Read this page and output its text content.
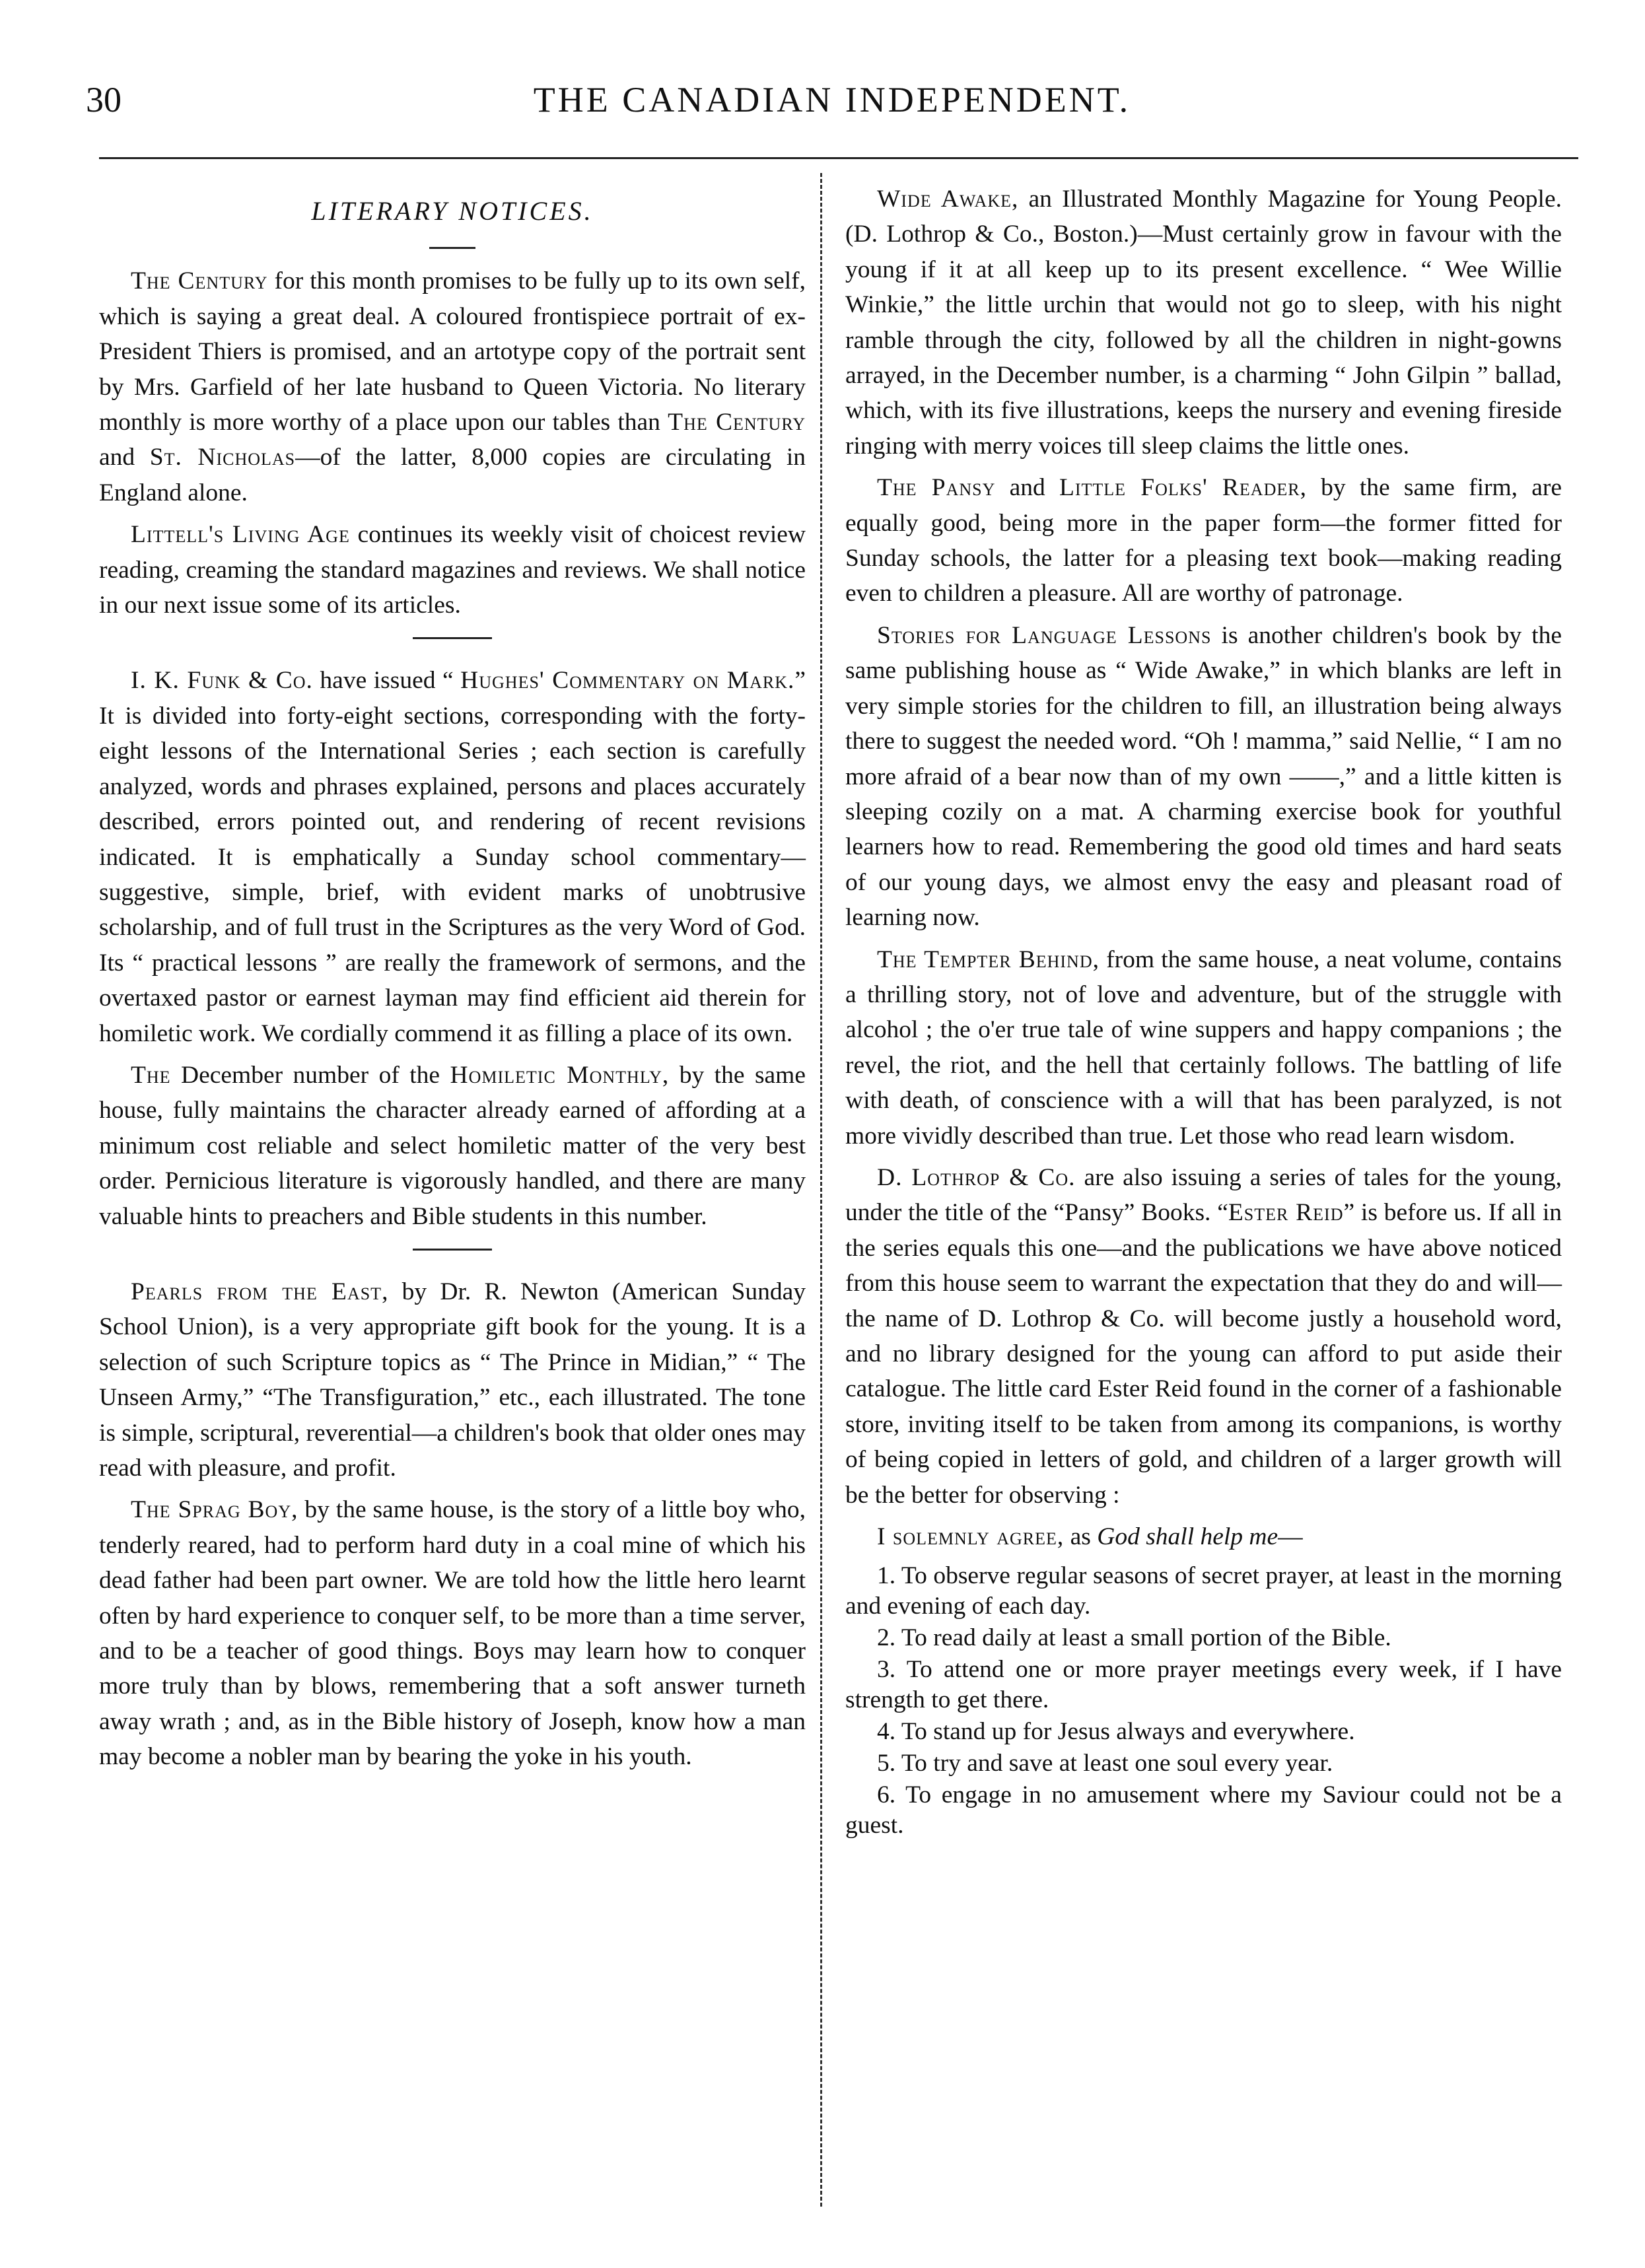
THE CANADIAN INDEPENDENT.
30
LITERARY NOTICES.

The Century for this month promises to be fully up to its own self, which is saying a great deal. A coloured frontispiece portrait of ex-President Thiers is promised, and an artotype copy of the portrait sent by Mrs. Garfield of her late husband to Queen Victoria. No literary monthly is more worthy of a place upon our tables than The Century and St. Nicholas—of the latter, 8,000 copies are circulating in England alone.

Littell's Living Age continues its weekly visit of choicest review reading, creaming the standard magazines and reviews. We shall notice in our next issue some of its articles.

I. K. Funk & Co. have issued “ Hughes' Commentary on Mark.” It is divided into forty-eight sections, corresponding with the forty-eight lessons of the International Series ; each section is carefully analyzed, words and phrases explained, persons and places accurately described, errors pointed out, and rendering of recent revisions indicated. It is emphatically a Sunday school commentary—suggestive, simple, brief, with evident marks of unobtrusive scholarship, and of full trust in the Scriptures as the very Word of God. Its “ practical lessons ” are really the framework of sermons, and the overtaxed pastor or earnest layman may find efficient aid therein for homiletic work. We cordially commend it as filling a place of its own.

The December number of the Homiletic Monthly, by the same house, fully maintains the character already earned of affording at a minimum cost reliable and select homiletic matter of the very best order. Pernicious literature is vigorously handled, and there are many valuable hints to preachers and Bible students in this number.

Pearls from the East, by Dr. R. Newton (American Sunday School Union), is a very appropriate gift book for the young. It is a selection of such Scripture topics as “ The Prince in Midian,” “ The Unseen Army,” “The Transfiguration,” etc., each illustrated. The tone is simple, scriptural, reverential—a children's book that older ones may read with pleasure, and profit.

The Sprag Boy, by the same house, is the story of a little boy who, tenderly reared, had to perform hard duty in a coal mine of which his dead father had been part owner. We are told how the little hero learnt often by hard experience to conquer self, to be more than a time server, and to be a teacher of good things. Boys may learn how to conquer more truly than by blows, remembering that a soft answer turneth away wrath ; and, as in the Bible history of Joseph, know how a man may become a nobler man by bearing the yoke in his youth.

Wide Awake, an Illustrated Monthly Magazine for Young People. (D. Lothrop & Co., Boston.)—Must certainly grow in favour with the young if it at all keep up to its present excellence. “ Wee Willie Winkie,” the little urchin that would not go to sleep, with his night ramble through the city, followed by all the children in night-gowns arrayed, in the December number, is a charming “ John Gilpin ” ballad, which, with its five illustrations, keeps the nursery and evening fireside ringing with merry voices till sleep claims the little ones.

The Pansy and Little Folks' Reader, by the same firm, are equally good, being more in the paper form—the former fitted for Sunday schools, the latter for a pleasing text book—making reading even to children a pleasure. All are worthy of patronage.

Stories for Language Lessons is another children's book by the same publishing house as “ Wide Awake,” in which blanks are left in very simple stories for the children to fill, an illustration being always there to suggest the needed word. “Oh ! mamma,” said Nellie, “ I am no more afraid of a bear now than of my own ——,” and a little kitten is sleeping cozily on a mat. A charming exercise book for youthful learners how to read. Remembering the good old times and hard seats of our young days, we almost envy the easy and pleasant road of learning now.

The Tempter Behind, from the same house, a neat volume, contains a thrilling story, not of love and adventure, but of the struggle with alcohol ; the o'er true tale of wine suppers and happy companions ; the revel, the riot, and the hell that certainly follows. The battling of life with death, of conscience with a will that has been paralyzed, is not more vividly described than true. Let those who read learn wisdom.

D. Lothrop & Co. are also issuing a series of tales for the young, under the title of the “Pansy” Books. “Ester Reid” is before us. If all in the series equals this one—and the publications we have above noticed from this house seem to warrant the expectation that they do and will—the name of D. Lothrop & Co. will become justly a household word, and no library designed for the young can afford to put aside their catalogue. The little card Ester Reid found in the corner of a fashionable store, inviting itself to be taken from among its companions, is worthy of being copied in letters of gold, and children of a larger growth will be the better for observing :

I solemnly agree, as God shall help me—

1. To observe regular seasons of secret prayer, at least in the morning and evening of each day.
2. To read daily at least a small portion of the Bible.
3. To attend one or more prayer meetings every week, if I have strength to get there.
4. To stand up for Jesus always and everywhere.
5. To try and save at least one soul every year.
6. To engage in no amusement where my Saviour could not be a guest.
